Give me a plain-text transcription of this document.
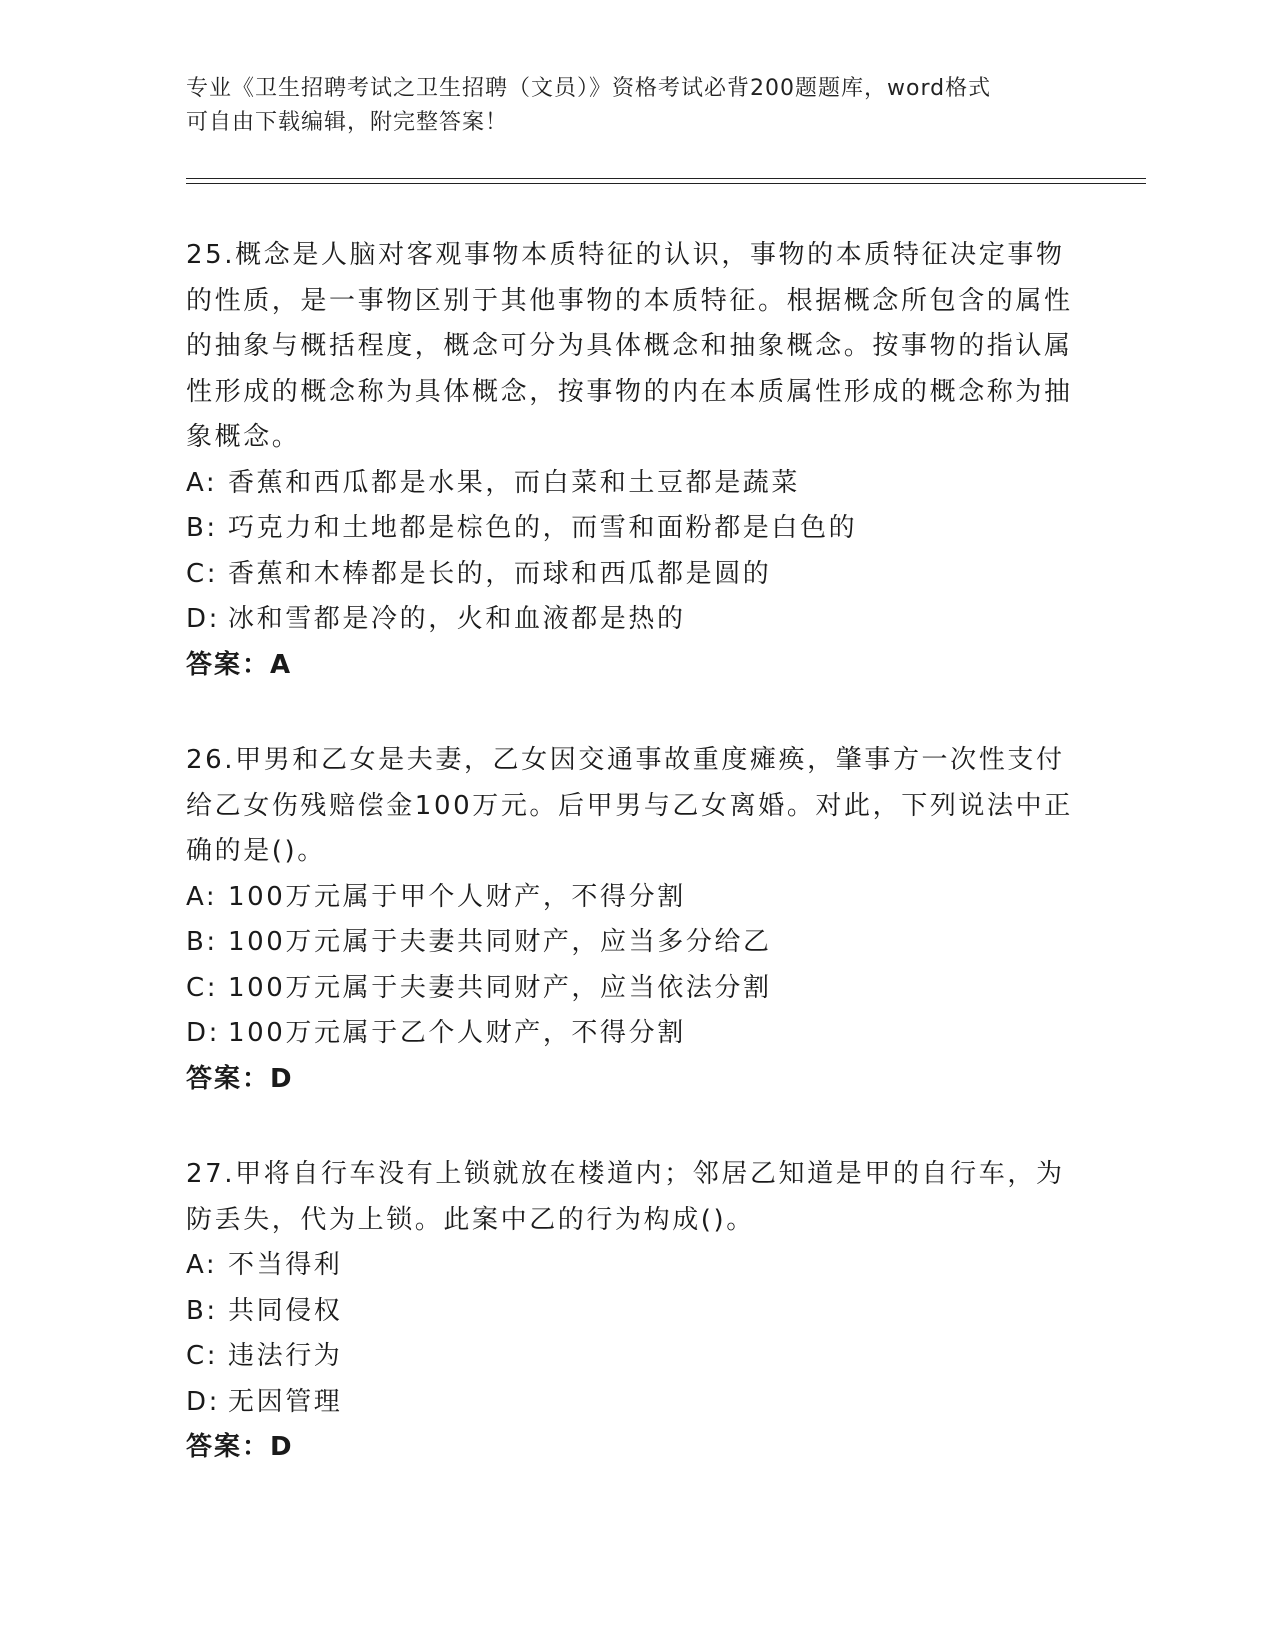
专业《卫生招聘考试之卫生招聘（文员）》资格考试必背200题题库，word格式
可自由下载编辑，附完整答案！

25.概念是人脑对客观事物本质特征的认识，事物的本质特征决定事物的性质，是一事物区别于其他事物的本质特征。根据概念所包含的属性的抽象与概括程度，概念可分为具体概念和抽象概念。按事物的指认属性形成的概念称为具体概念，按事物的内在本质属性形成的概念称为抽象概念。

A: 香蕉和西瓜都是水果，而白菜和土豆都是蔬菜
B: 巧克力和土地都是棕色的，而雪和面粉都是白色的
C: 香蕉和木棒都是长的，而球和西瓜都是圆的
D: 冰和雪都是冷的，火和血液都是热的

答案：A

26.甲男和乙女是夫妻，乙女因交通事故重度瘫痪，肇事方一次性支付给乙女伤残赔偿金100万元。后甲男与乙女离婚。对此，下列说法中正确的是()。

A: 100万元属于甲个人财产，不得分割
B: 100万元属于夫妻共同财产，应当多分给乙
C: 100万元属于夫妻共同财产，应当依法分割
D: 100万元属于乙个人财产，不得分割

答案：D

27.甲将自行车没有上锁就放在楼道内；邻居乙知道是甲的自行车，为防丢失，代为上锁。此案中乙的行为构成()。

A: 不当得利
B: 共同侵权
C: 违法行为
D: 无因管理

答案：D
